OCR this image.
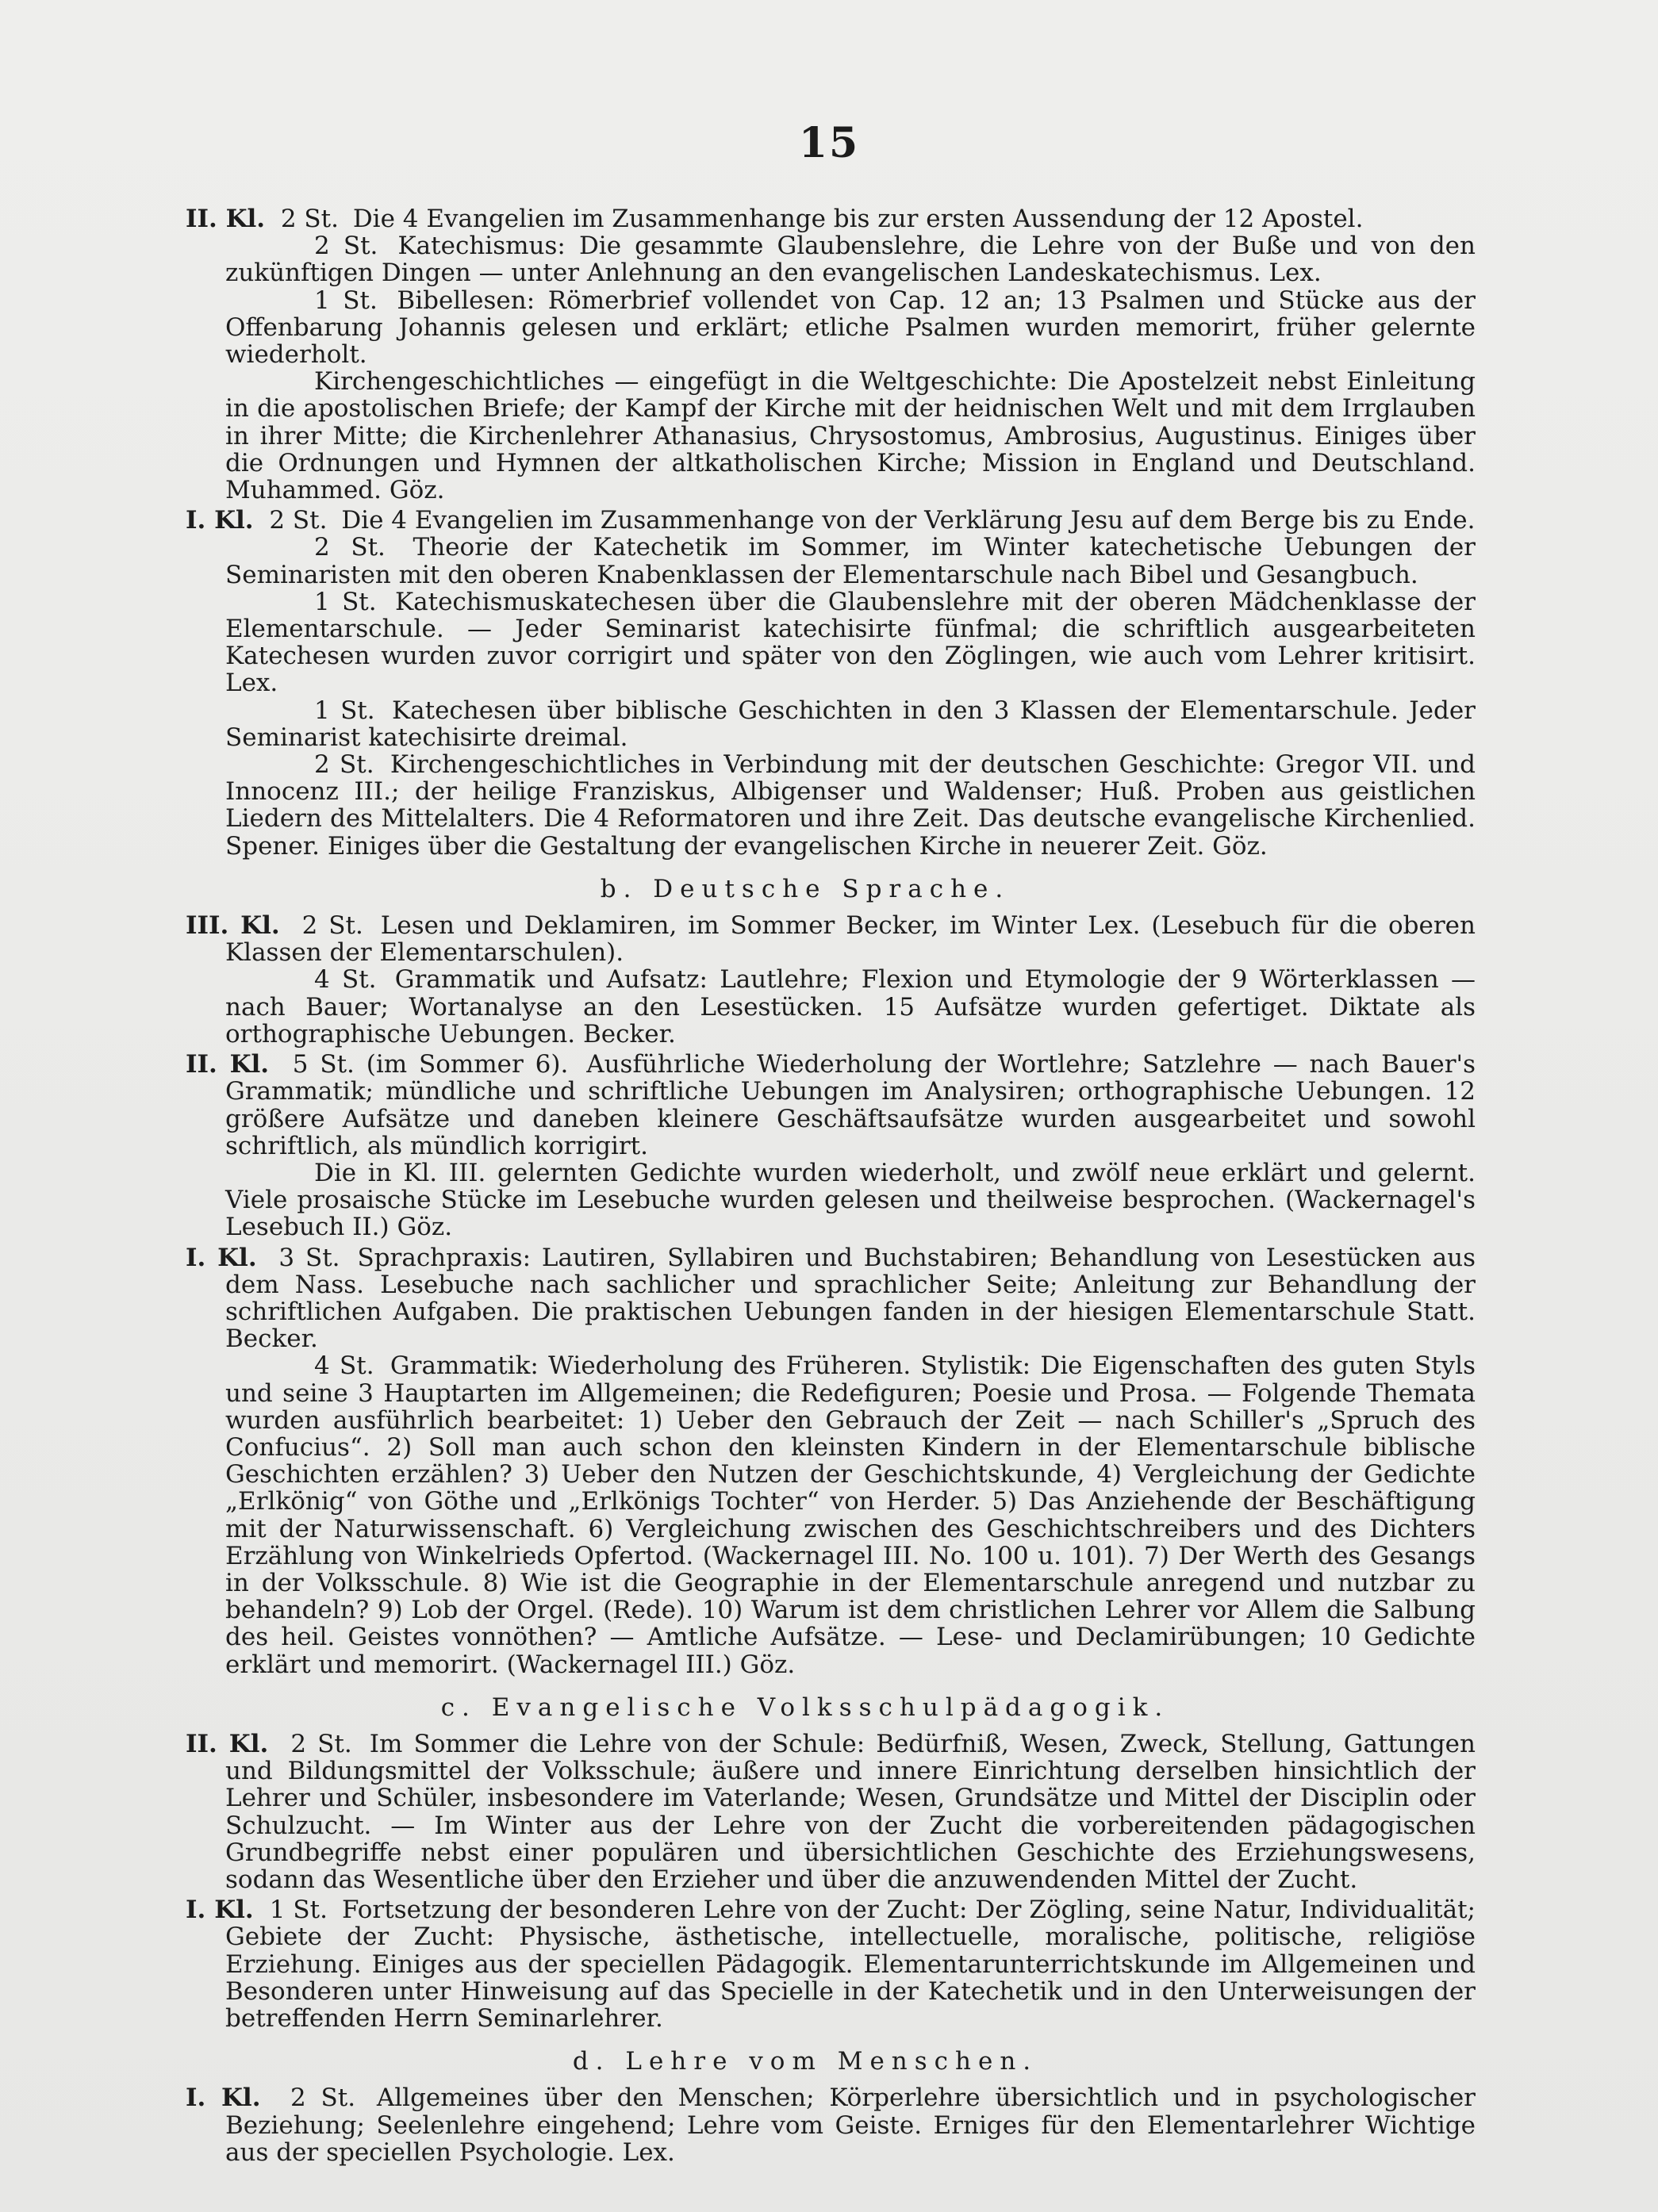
15

II. Kl. 2 St. Die 4 Evangelien im Zusammenhange bis zur ersten Aussendung der 12 Apostel.

2 St. Katechismus: Die gesammte Glaubenslehre, die Lehre von der Buße und von den zukünftigen Dingen — unter Anlehnung an den evangelischen Landeskatechismus. Lex.

1 St. Bibellesen: Römerbrief vollendet von Cap. 12 an; 13 Psalmen und Stücke aus der Offenbarung Johannis gelesen und erklärt; etliche Psalmen wurden memorirt, früher gelernte wiederholt.

Kirchengeschichtliches — eingefügt in die Weltgeschichte: Die Apostelzeit nebst Einleitung in die apostolischen Briefe; der Kampf der Kirche mit der heidnischen Welt und mit dem Irrglauben in ihrer Mitte; die Kirchenlehrer Athanasius, Chrysostomus, Ambrosius, Augustinus. Einiges über die Ordnungen und Hymnen der altkatholischen Kirche; Mission in England und Deutschland. Muhammed. Göz.

I. Kl. 2 St. Die 4 Evangelien im Zusammenhange von der Verklärung Jesu auf dem Berge bis zu Ende.

2 St. Theorie der Katechetik im Sommer, im Winter katechetische Uebungen der Seminaristen mit den oberen Knabenklassen der Elementarschule nach Bibel und Gesangbuch.

1 St. Katechismuskatechesen über die Glaubenslehre mit der oberen Mädchenklasse der Elementarschule. — Jeder Seminarist katechisirte fünfmal; die schriftlich ausgearbeiteten Katechesen wurden zuvor corrigirt und später von den Zöglingen, wie auch vom Lehrer kritisirt. Lex.

1 St. Katechesen über biblische Geschichten in den 3 Klassen der Elementarschule. Jeder Seminarist katechisirte dreimal.

2 St. Kirchengeschichtliches in Verbindung mit der deutschen Geschichte: Gregor VII. und Innocenz III.; der heilige Franziskus, Albigenser und Waldenser; Huß. Proben aus geistlichen Liedern des Mittelalters. Die 4 Reformatoren und ihre Zeit. Das deutsche evangelische Kirchenlied. Spener. Einiges über die Gestaltung der evangelischen Kirche in neuerer Zeit. Göz.

b. Deutsche Sprache.

III. Kl. 2 St. Lesen und Deklamiren, im Sommer Becker, im Winter Lex. (Lesebuch für die oberen Klassen der Elementarschulen).

4 St. Grammatik und Aufsatz: Lautlehre; Flexion und Etymologie der 9 Wörterklassen — nach Bauer; Wortanalyse an den Lesestücken. 15 Aufsätze wurden gefertiget. Diktate als orthographische Uebungen. Becker.

II. Kl. 5 St. (im Sommer 6). Ausführliche Wiederholung der Wortlehre; Satzlehre — nach Bauer's Grammatik; mündliche und schriftliche Uebungen im Analysiren; orthographische Uebungen. 12 größere Aufsätze und daneben kleinere Geschäftsaufsätze wurden ausgearbeitet und sowohl schriftlich, als mündlich korrigirt.

Die in Kl. III. gelernten Gedichte wurden wiederholt, und zwölf neue erklärt und gelernt. Viele prosaische Stücke im Lesebuche wurden gelesen und theilweise besprochen. (Wackernagel's Lesebuch II.) Göz.

I. Kl. 3 St. Sprachpraxis: Lautiren, Syllabiren und Buchstabiren; Behandlung von Lesestücken aus dem Nass. Lesebuche nach sachlicher und sprachlicher Seite; Anleitung zur Behandlung der schriftlichen Aufgaben. Die praktischen Uebungen fanden in der hiesigen Elementarschule Statt. Becker.

4 St. Grammatik: Wiederholung des Früheren. Stylistik: Die Eigenschaften des guten Styls und seine 3 Hauptarten im Allgemeinen; die Redefiguren; Poesie und Prosa. — Folgende Themata wurden ausführlich bearbeitet: 1) Ueber den Gebrauch der Zeit — nach Schiller's „Spruch des Confucius“. 2) Soll man auch schon den kleinsten Kindern in der Elementarschule biblische Geschichten erzählen? 3) Ueber den Nutzen der Geschichtskunde, 4) Vergleichung der Gedichte „Erlkönig“ von Göthe und „Erlkönigs Tochter“ von Herder. 5) Das Anziehende der Beschäftigung mit der Naturwissenschaft. 6) Vergleichung zwischen des Geschichtschreibers und des Dichters Erzählung von Winkelrieds Opfertod. (Wackernagel III. No. 100 u. 101). 7) Der Werth des Gesangs in der Volksschule. 8) Wie ist die Geographie in der Elementarschule anregend und nutzbar zu behandeln? 9) Lob der Orgel. (Rede). 10) Warum ist dem christlichen Lehrer vor Allem die Salbung des heil. Geistes vonnöthen? — Amtliche Aufsätze. — Lese- und Declamirübungen; 10 Gedichte erklärt und memorirt. (Wackernagel III.) Göz.

c. Evangelische Volksschulpädagogik.

II. Kl. 2 St. Im Sommer die Lehre von der Schule: Bedürfniß, Wesen, Zweck, Stellung, Gattungen und Bildungsmittel der Volksschule; äußere und innere Einrichtung derselben hinsichtlich der Lehrer und Schüler, insbesondere im Vaterlande; Wesen, Grundsätze und Mittel der Disciplin oder Schulzucht. — Im Winter aus der Lehre von der Zucht die vorbereitenden pädagogischen Grundbegriffe nebst einer populären und übersichtlichen Geschichte des Erziehungswesens, sodann das Wesentliche über den Erzieher und über die anzuwendenden Mittel der Zucht.

I. Kl. 1 St. Fortsetzung der besonderen Lehre von der Zucht: Der Zögling, seine Natur, Individualität; Gebiete der Zucht: Physische, ästhetische, intellectuelle, moralische, politische, religiöse Erziehung. Einiges aus der speciellen Pädagogik. Elementarunterrichtskunde im Allgemeinen und Besonderen unter Hinweisung auf das Specielle in der Katechetik und in den Unterweisungen der betreffenden Herrn Seminarlehrer.

d. Lehre vom Menschen.

I. Kl. 2 St. Allgemeines über den Menschen; Körperlehre übersichtlich und in psychologischer Beziehung; Seelenlehre eingehend; Lehre vom Geiste. Erniges für den Elementarlehrer Wichtige aus der speciellen Psychologie. Lex.
